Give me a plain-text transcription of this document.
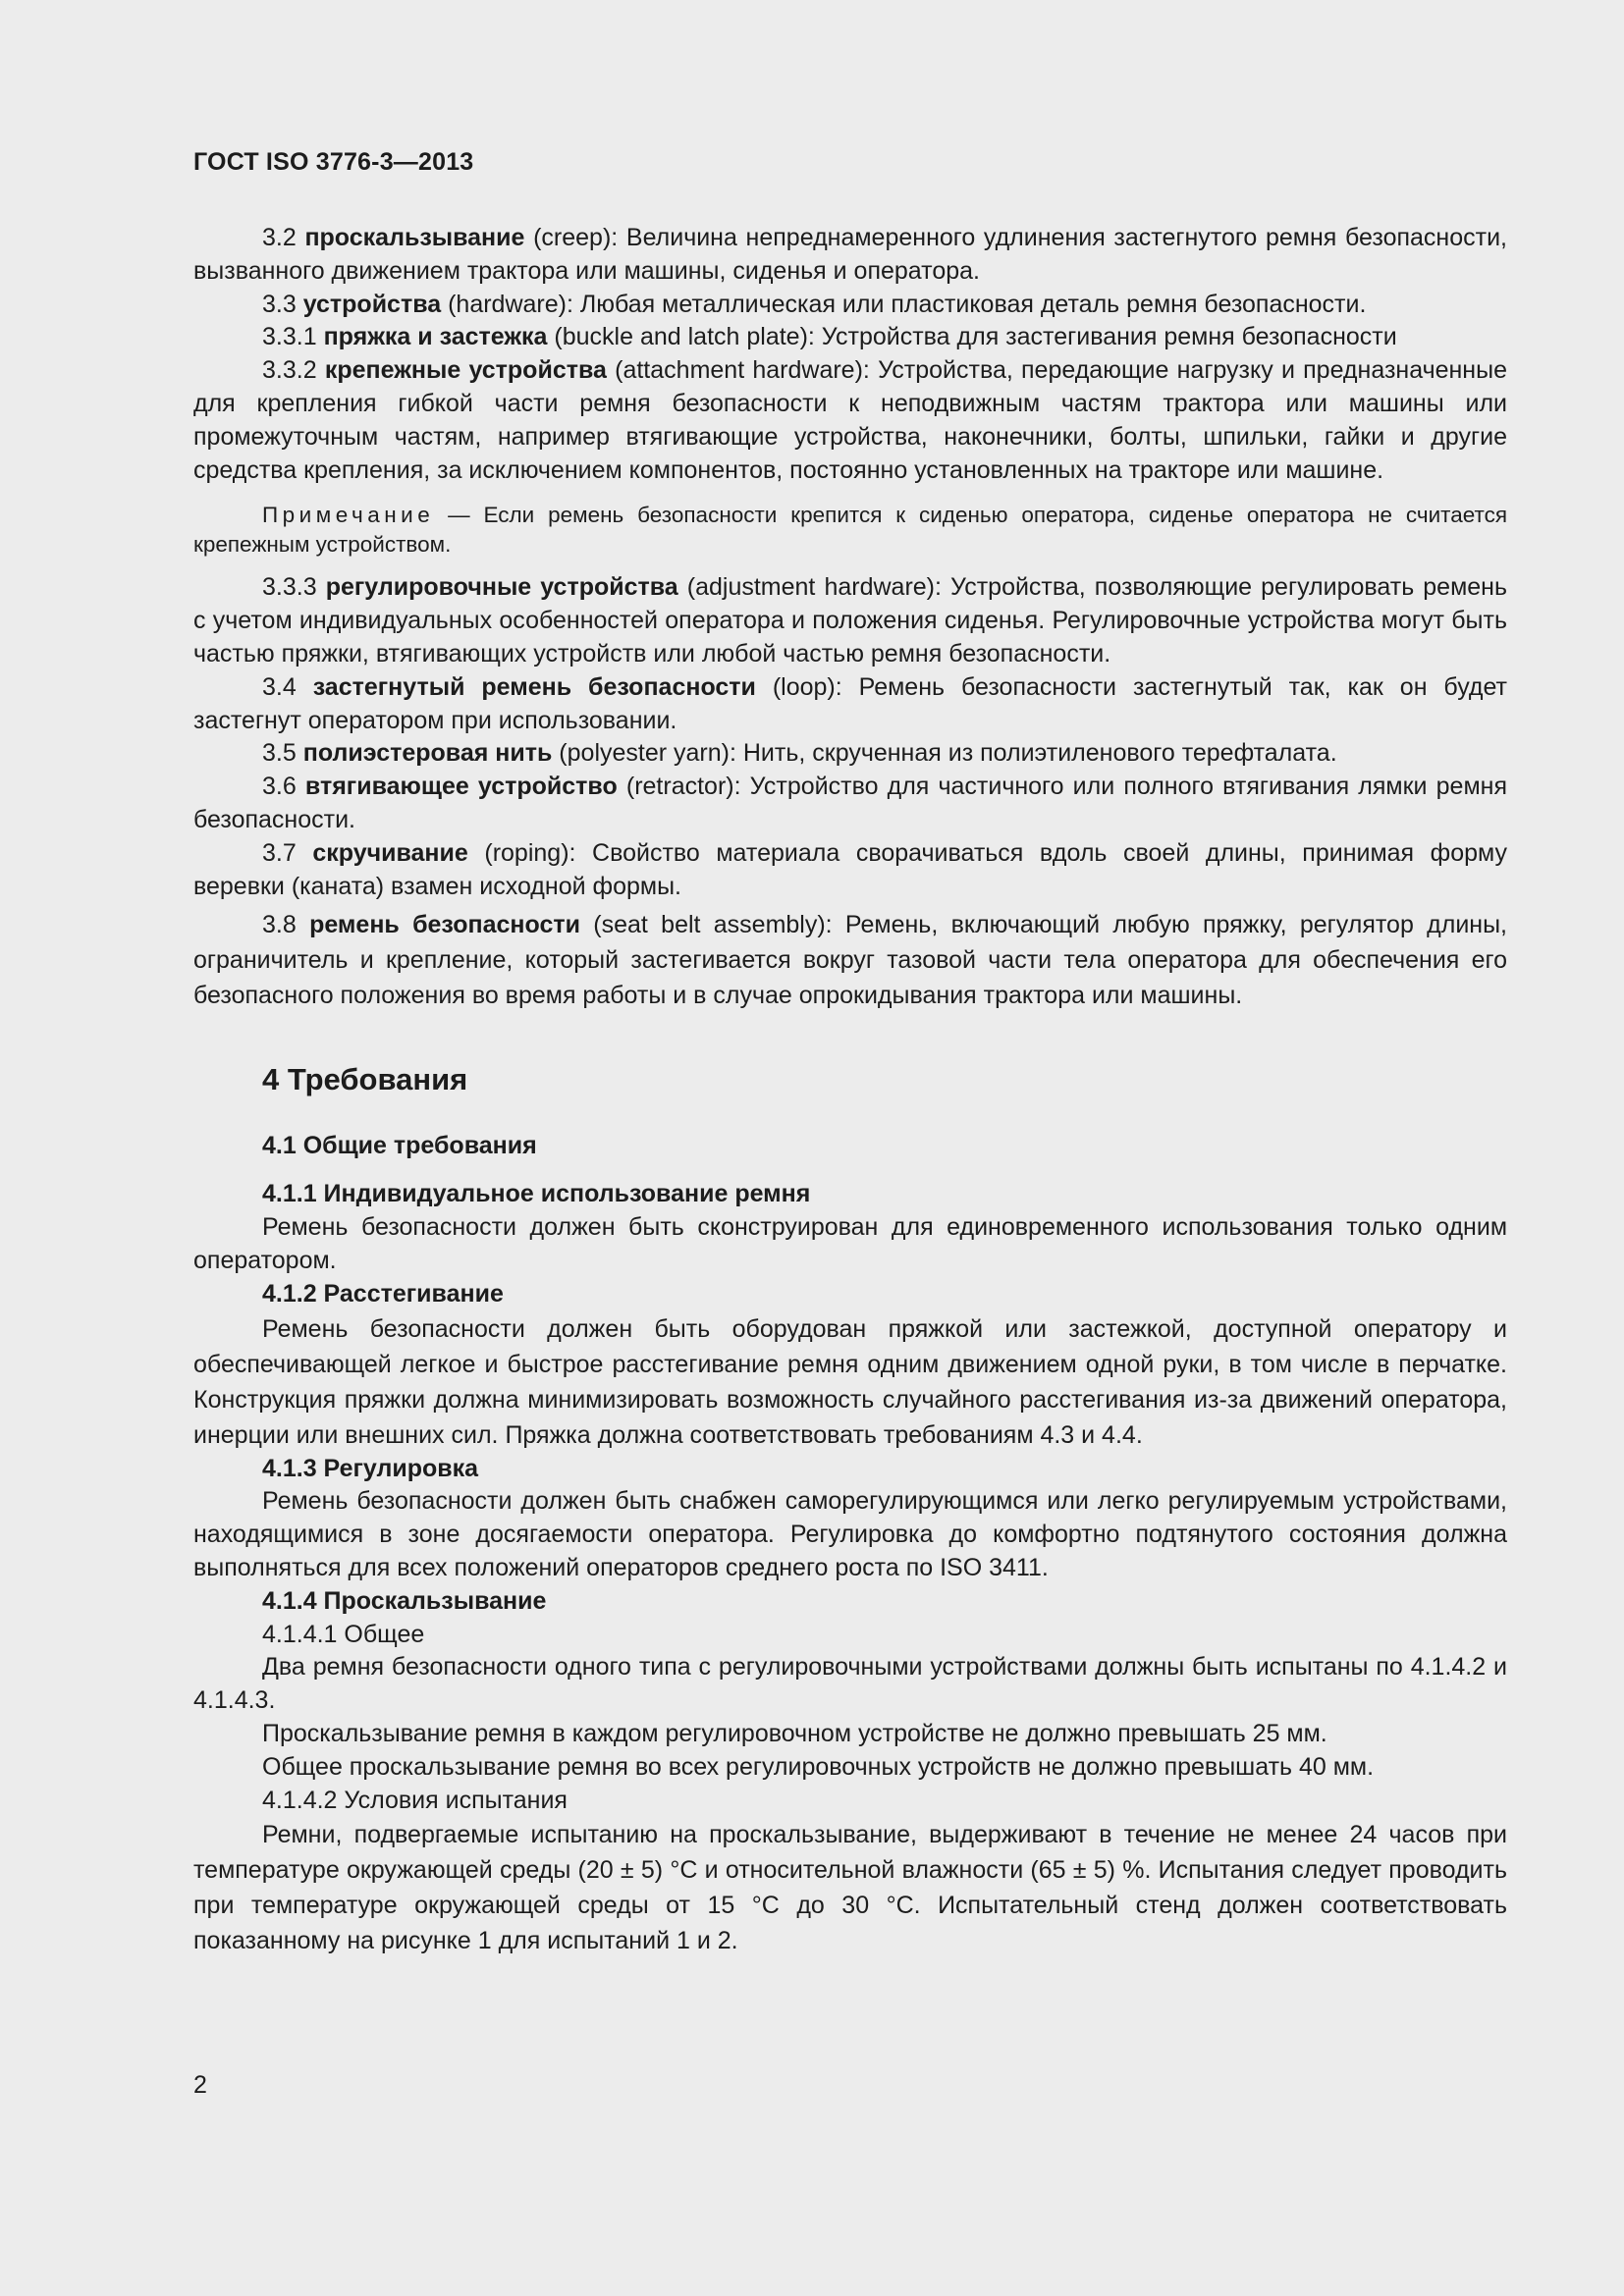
ГОСТ ISO 3776-3—2013

3.2 проскальзывание (creep): Величина непреднамеренного удлинения застегнутого ремня безопасности, вызванного движением трактора или машины, сиденья и оператора.

3.3 устройства (hardware): Любая металлическая или пластиковая деталь ремня безопасности.

3.3.1 пряжка и застежка (buckle and latch plate): Устройства для застегивания ремня безопасности

3.3.2 крепежные устройства (attachment hardware): Устройства, передающие нагрузку и предназначенные для крепления гибкой части ремня безопасности к неподвижным частям трактора или машины или промежуточным частям, например втягивающие устройства, наконечники, болты, шпильки, гайки и другие средства крепления, за исключением компонентов, постоянно установленных на тракторе или машине.

Примечание — Если ремень безопасности крепится к сиденью оператора, сиденье оператора не считается крепежным устройством.

3.3.3 регулировочные устройства (adjustment hardware): Устройства, позволяющие регулировать ремень с учетом индивидуальных особенностей оператора и положения сиденья. Регулировочные устройства могут быть частью пряжки, втягивающих устройств или любой частью ремня безопасности.

3.4 застегнутый ремень безопасности (loop): Ремень безопасности застегнутый так, как он будет застегнут оператором при использовании.

3.5 полиэстеровая нить (polyester yarn): Нить, скрученная из полиэтиленового терефталата.

3.6 втягивающее устройство (retractor): Устройство для частичного или полного втягивания лямки ремня безопасности.

3.7 скручивание (roping): Свойство материала сворачиваться вдоль своей длины, принимая форму веревки (каната) взамен исходной формы.

3.8 ремень безопасности (seat belt assembly): Ремень, включающий любую пряжку, регулятор длины, ограничитель и крепление, который застегивается вокруг тазовой части тела оператора для обеспечения его безопасного положения во время работы и в случае опрокидывания трактора или машины.

4 Требования
4.1 Общие требования
4.1.1 Индивидуальное использование ремня

Ремень безопасности должен быть сконструирован для единовременного использования только одним оператором.

4.1.2 Расстегивание

Ремень безопасности должен быть оборудован пряжкой или застежкой, доступной оператору и обеспечивающей легкое и быстрое расстегивание ремня одним движением одной руки, в том числе в перчатке. Конструкция пряжки должна минимизировать возможность случайного расстегивания из-за движений оператора, инерции или внешних сил. Пряжка должна соответствовать требованиям 4.3 и 4.4.

4.1.3 Регулировка

Ремень безопасности должен быть снабжен саморегулирующимся или легко регулируемым устройствами, находящимися в зоне досягаемости оператора. Регулировка до комфортно подтянутого состояния должна выполняться для всех положений операторов среднего роста по ISO 3411.

4.1.4 Проскальзывание

4.1.4.1 Общее

Два ремня безопасности одного типа с регулировочными устройствами должны быть испытаны по 4.1.4.2 и 4.1.4.3.

Проскальзывание ремня в каждом регулировочном устройстве не должно превышать 25 мм.

Общее проскальзывание ремня во всех регулировочных устройств не должно превышать 40 мм.

4.1.4.2 Условия испытания

Ремни, подвергаемые испытанию на проскальзывание, выдерживают в течение не менее 24 часов при температуре окружающей среды (20 ± 5) °С и относительной влажности (65 ± 5) %. Испытания следует проводить при температуре окружающей среды от 15 °С до 30 °С. Испытательный стенд должен соответствовать показанному на рисунке 1 для испытаний 1 и 2.

2
